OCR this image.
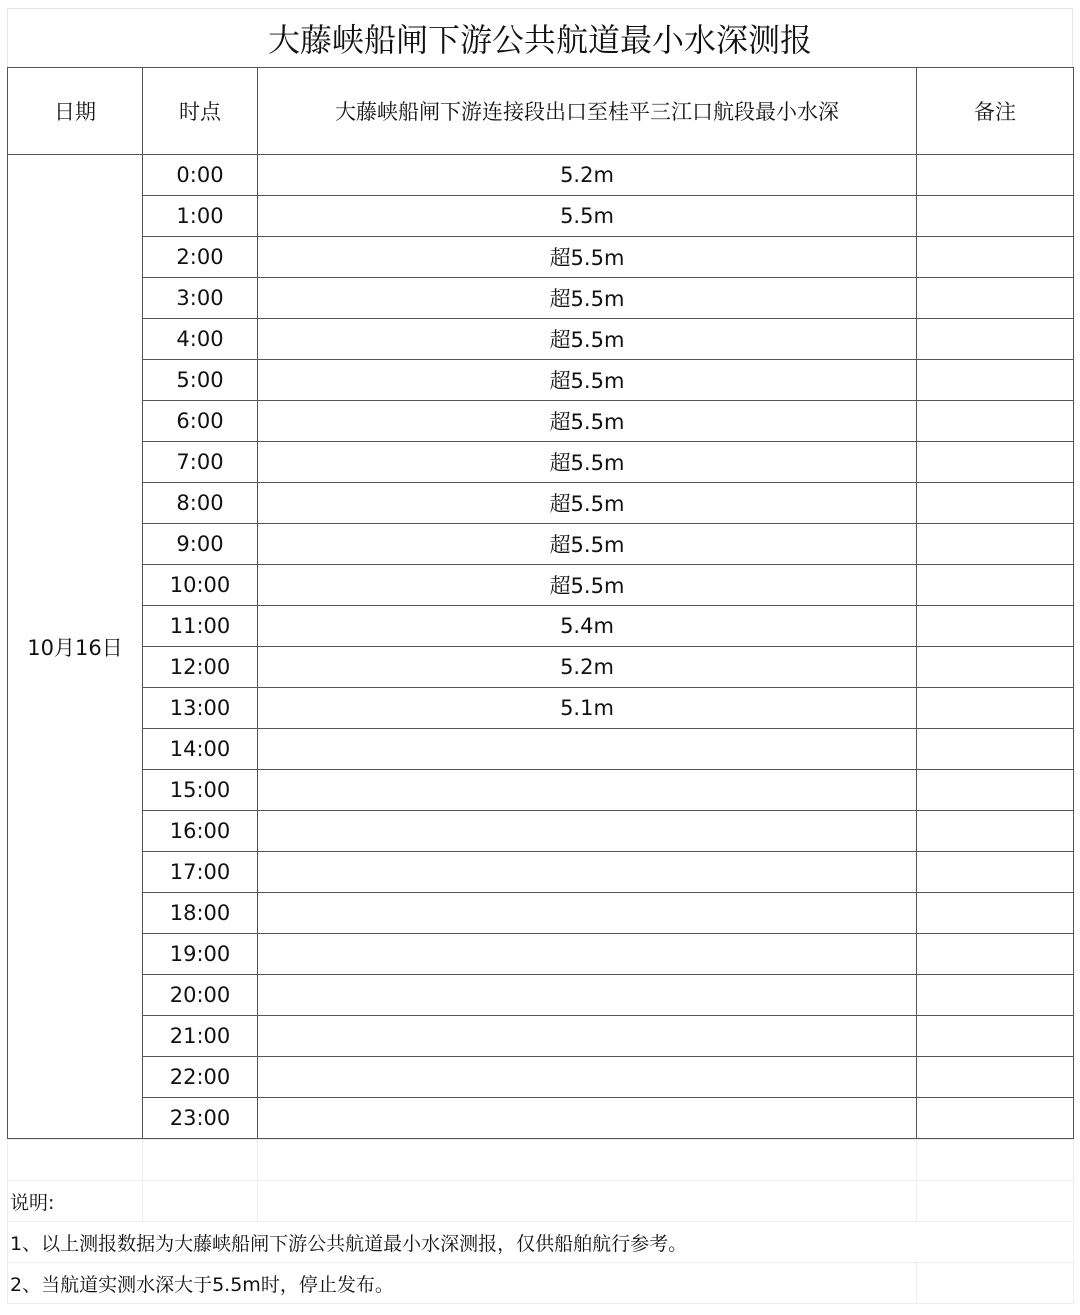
大藤峡船闸下游公共航道最小水深测报
日期	时点	大藤峡船闸下游连接段出口至桂平三江口航段最小水深	备注
10月16日	0:00	5.2m	
	1:00	5.5m	
	2:00	超5.5m	
	3:00	超5.5m	
	4:00	超5.5m	
	5:00	超5.5m	
	6:00	超5.5m	
	7:00	超5.5m	
	8:00	超5.5m	
	9:00	超5.5m	
	10:00	超5.5m	
	11:00	5.4m	
	12:00	5.2m	
	13:00	5.1m	
	14:00		
	15:00		
	16:00		
	17:00		
	18:00		
	19:00		
	20:00		
	21:00		
	22:00		
	23:00		

说明:			
1、以上测报数据为大藤峡船闸下游公共航道最小水深测报，仅供船舶航行参考。			
2、当航道实测水深大于5.5m时，停止发布。			
